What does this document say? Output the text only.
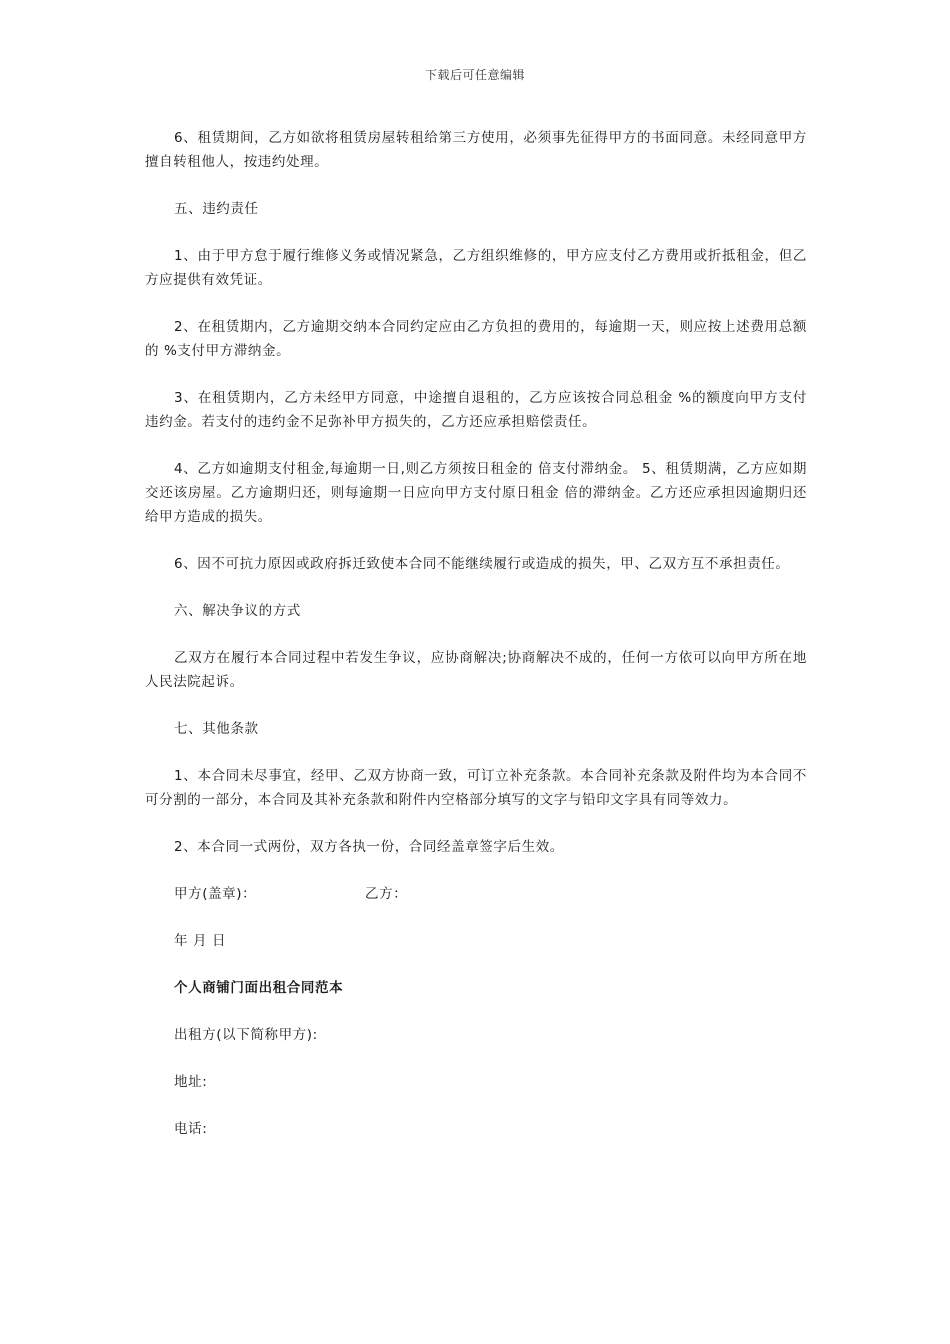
下载后可任意编辑

6、租赁期间，乙方如欲将租赁房屋转租给第三方使用，必须事先征得甲方的书面同意。未经同意甲方擅自转租他人，按违约处理。

五、违约责任

1、由于甲方怠于履行维修义务或情况紧急，乙方组织维修的，甲方应支付乙方费用或折抵租金，但乙方应提供有效凭证。

2、在租赁期内，乙方逾期交纳本合同约定应由乙方负担的费用的，每逾期一天，则应按上述费用总额的 %支付甲方滞纳金。

3、在租赁期内，乙方未经甲方同意，中途擅自退租的，乙方应该按合同总租金 %的额度向甲方支付违约金。若支付的违约金不足弥补甲方损失的，乙方还应承担赔偿责任。

4、乙方如逾期支付租金,每逾期一日,则乙方须按日租金的 倍支付滞纳金。 5、租赁期满，乙方应如期交还该房屋。乙方逾期归还，则每逾期一日应向甲方支付原日租金 倍的滞纳金。乙方还应承担因逾期归还给甲方造成的损失。

6、因不可抗力原因或政府拆迁致使本合同不能继续履行或造成的损失，甲、乙双方互不承担责任。

六、解决争议的方式

乙双方在履行本合同过程中若发生争议，应协商解决;协商解决不成的，任何一方依可以向甲方所在地人民法院起诉。

七、其他条款

1、本合同未尽事宜，经甲、乙双方协商一致，可订立补充条款。本合同补充条款及附件均为本合同不可分割的一部分，本合同及其补充条款和附件内空格部分填写的文字与铅印文字具有同等效力。

2、本合同一式两份，双方各执一份，合同经盖章签字后生效。

甲方(盖章)：	乙方：

年 月 日

个人商铺门面出租合同范本

出租方(以下简称甲方):

地址:

电话:
